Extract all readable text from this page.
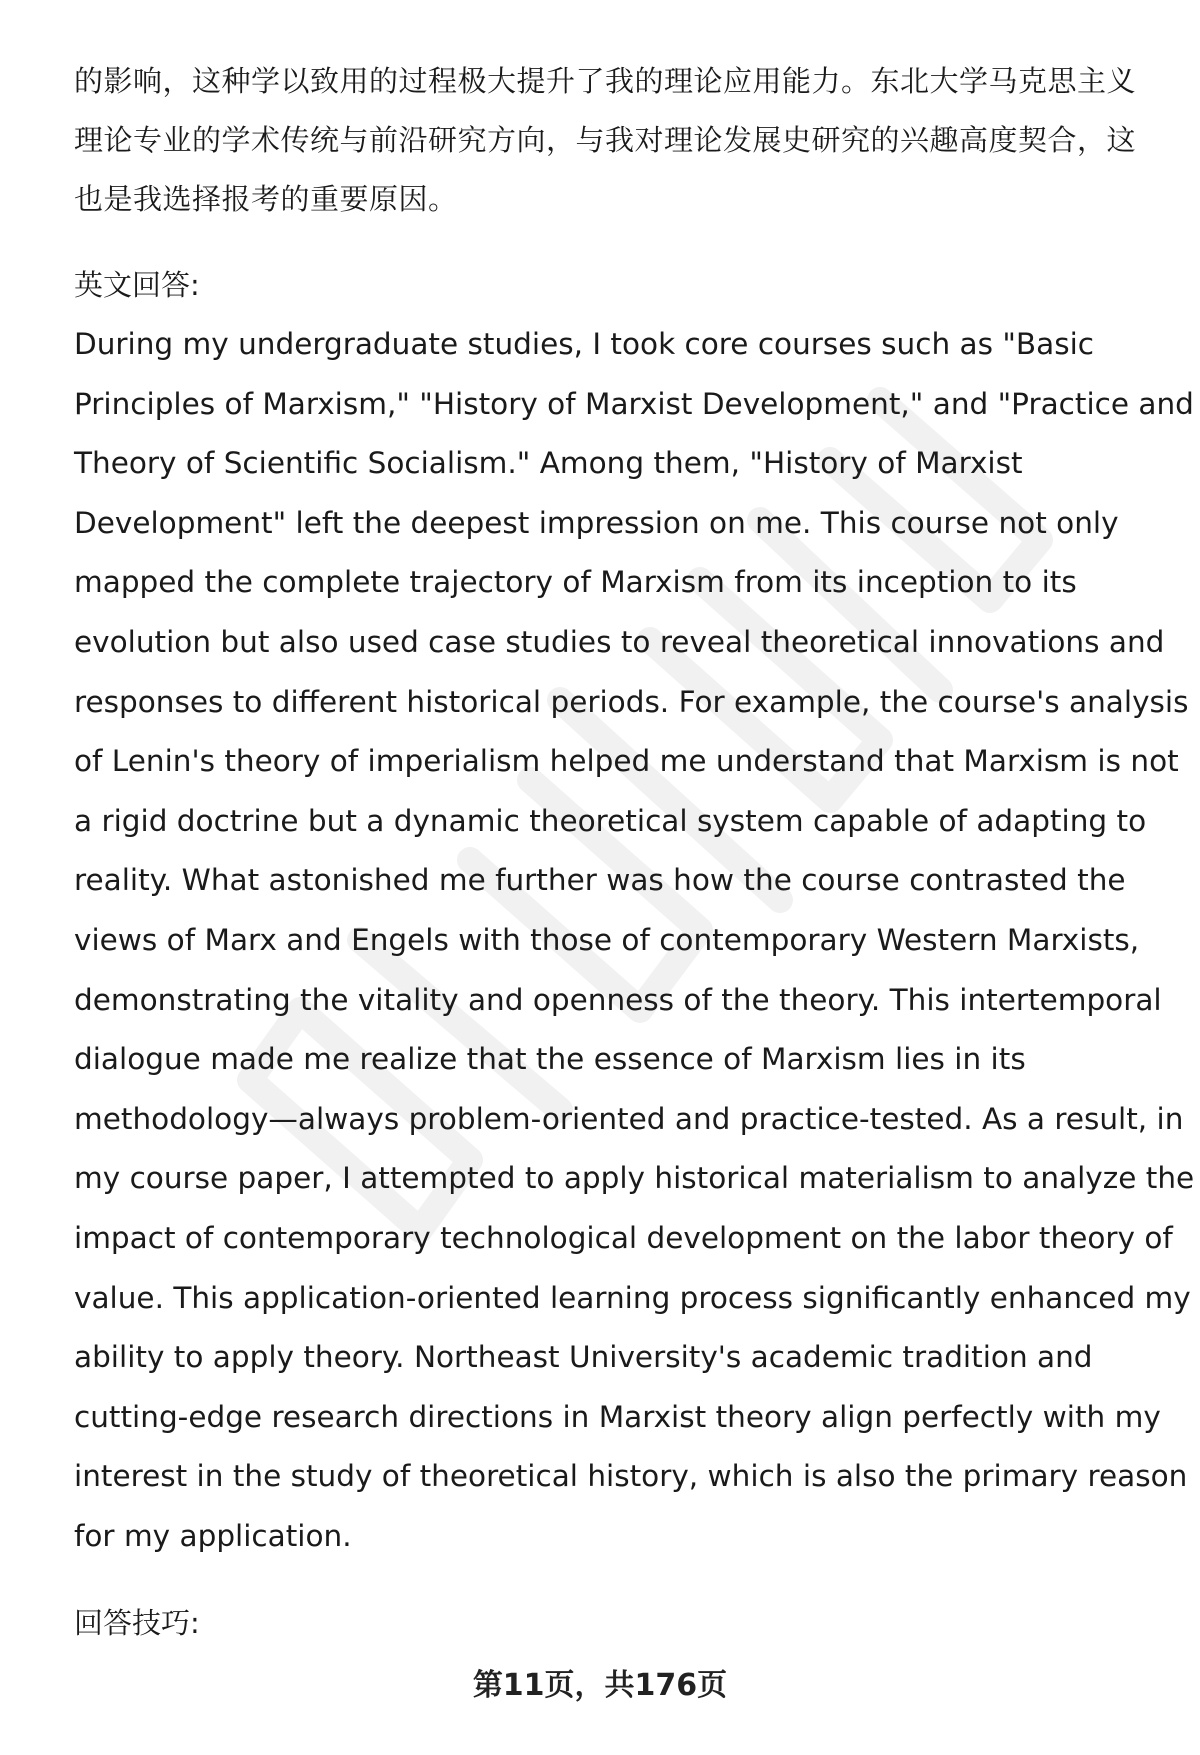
的影响，这种学以致用的过程极大提升了我的理论应用能力。东北大学马克思主义
理论专业的学术传统与前沿研究方向，与我对理论发展史研究的兴趣高度契合，这
也是我选择报考的重要原因。
英文回答:
During my undergraduate studies, I took core courses such as "Basic
Principles of Marxism," "History of Marxist Development," and "Practice and
Theory of Scientific Socialism." Among them, "History of Marxist
Development" left the deepest impression on me. This course not only
mapped the complete trajectory of Marxism from its inception to its
evolution but also used case studies to reveal theoretical innovations and
responses to different historical periods. For example, the course's analysis
of Lenin's theory of imperialism helped me understand that Marxism is not
a rigid doctrine but a dynamic theoretical system capable of adapting to
reality. What astonished me further was how the course contrasted the
views of Marx and Engels with those of contemporary Western Marxists,
demonstrating the vitality and openness of the theory. This intertemporal
dialogue made me realize that the essence of Marxism lies in its
methodology—always problem-oriented and practice-tested. As a result, in
my course paper, I attempted to apply historical materialism to analyze the
impact of contemporary technological development on the labor theory of
value. This application-oriented learning process significantly enhanced my
ability to apply theory. Northeast University's academic tradition and
cutting-edge research directions in Marxist theory align perfectly with my
interest in the study of theoretical history, which is also the primary reason
for my application.
回答技巧:
第11页，共176页
